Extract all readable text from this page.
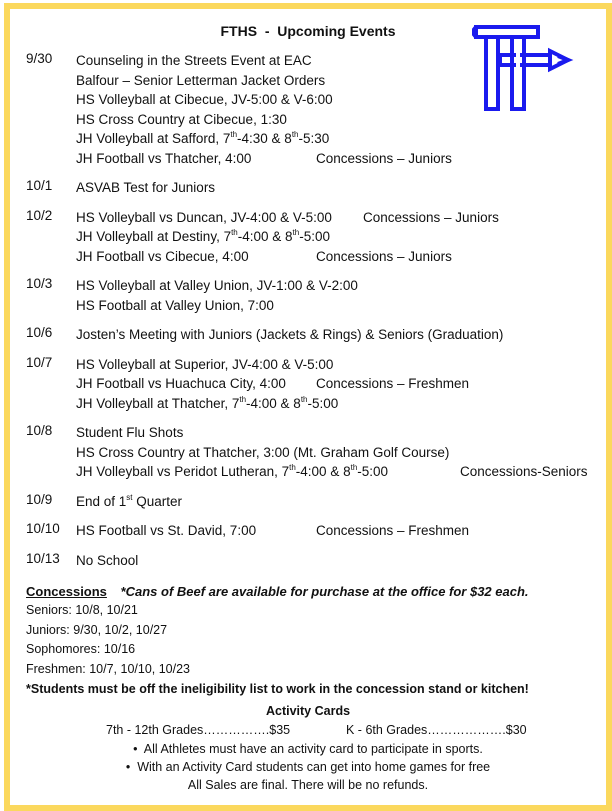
FTHS  -  Upcoming Events
9/30	Counseling in the Streets Event at EAC
Balfour – Senior Letterman Jacket Orders
HS Volleyball at Cibecue, JV-5:00 & V-6:00
HS Cross Country at Cibecue, 1:30
JH Volleyball at Safford, 7th-4:30 & 8th-5:30
JH Football vs Thatcher, 4:00	Concessions – Juniors
10/1	ASVAB Test for Juniors
10/2	HS Volleyball vs Duncan, JV-4:00 & V-5:00 Concessions – Juniors
JH Volleyball at Destiny, 7th-4:00 & 8th-5:00
JH Football vs Cibecue, 4:00	Concessions – Juniors
10/3	HS Volleyball at Valley Union, JV-1:00 & V-2:00
HS Football at Valley Union, 7:00
10/6	Josten’s Meeting with Juniors (Jackets & Rings) & Seniors (Graduation)
10/7	HS Volleyball at Superior, JV-4:00 & V-5:00
JH Football vs Huachuca City, 4:00 Concessions – Freshmen
JH Volleyball at Thatcher, 7th-4:00 & 8th-5:00
10/8	Student Flu Shots
HS Cross Country at Thatcher, 3:00 (Mt. Graham Golf Course)
JH Volleyball vs Peridot Lutheran, 7th-4:00 & 8th-5:00	Concessions-Seniors
10/9	End of 1st Quarter
10/10	HS Football vs St. David, 7:00	Concessions – Freshmen
10/13	No School
Concessions *Cans of Beef are available for purchase at the office for $32 each.
Seniors: 10/8, 10/21
Juniors: 9/30, 10/2, 10/27
Sophomores: 10/16
Freshmen: 10/7, 10/10, 10/23
*Students must be off the ineligibility list to work in the concession stand or kitchen!
Activity Cards
7th - 12th Grades…………….$35	K - 6th Grades……………….$30
•  All Athletes must have an activity card to participate in sports.
•  With an Activity Card students can get into home games for free
All Sales are final. There will be no refunds.
